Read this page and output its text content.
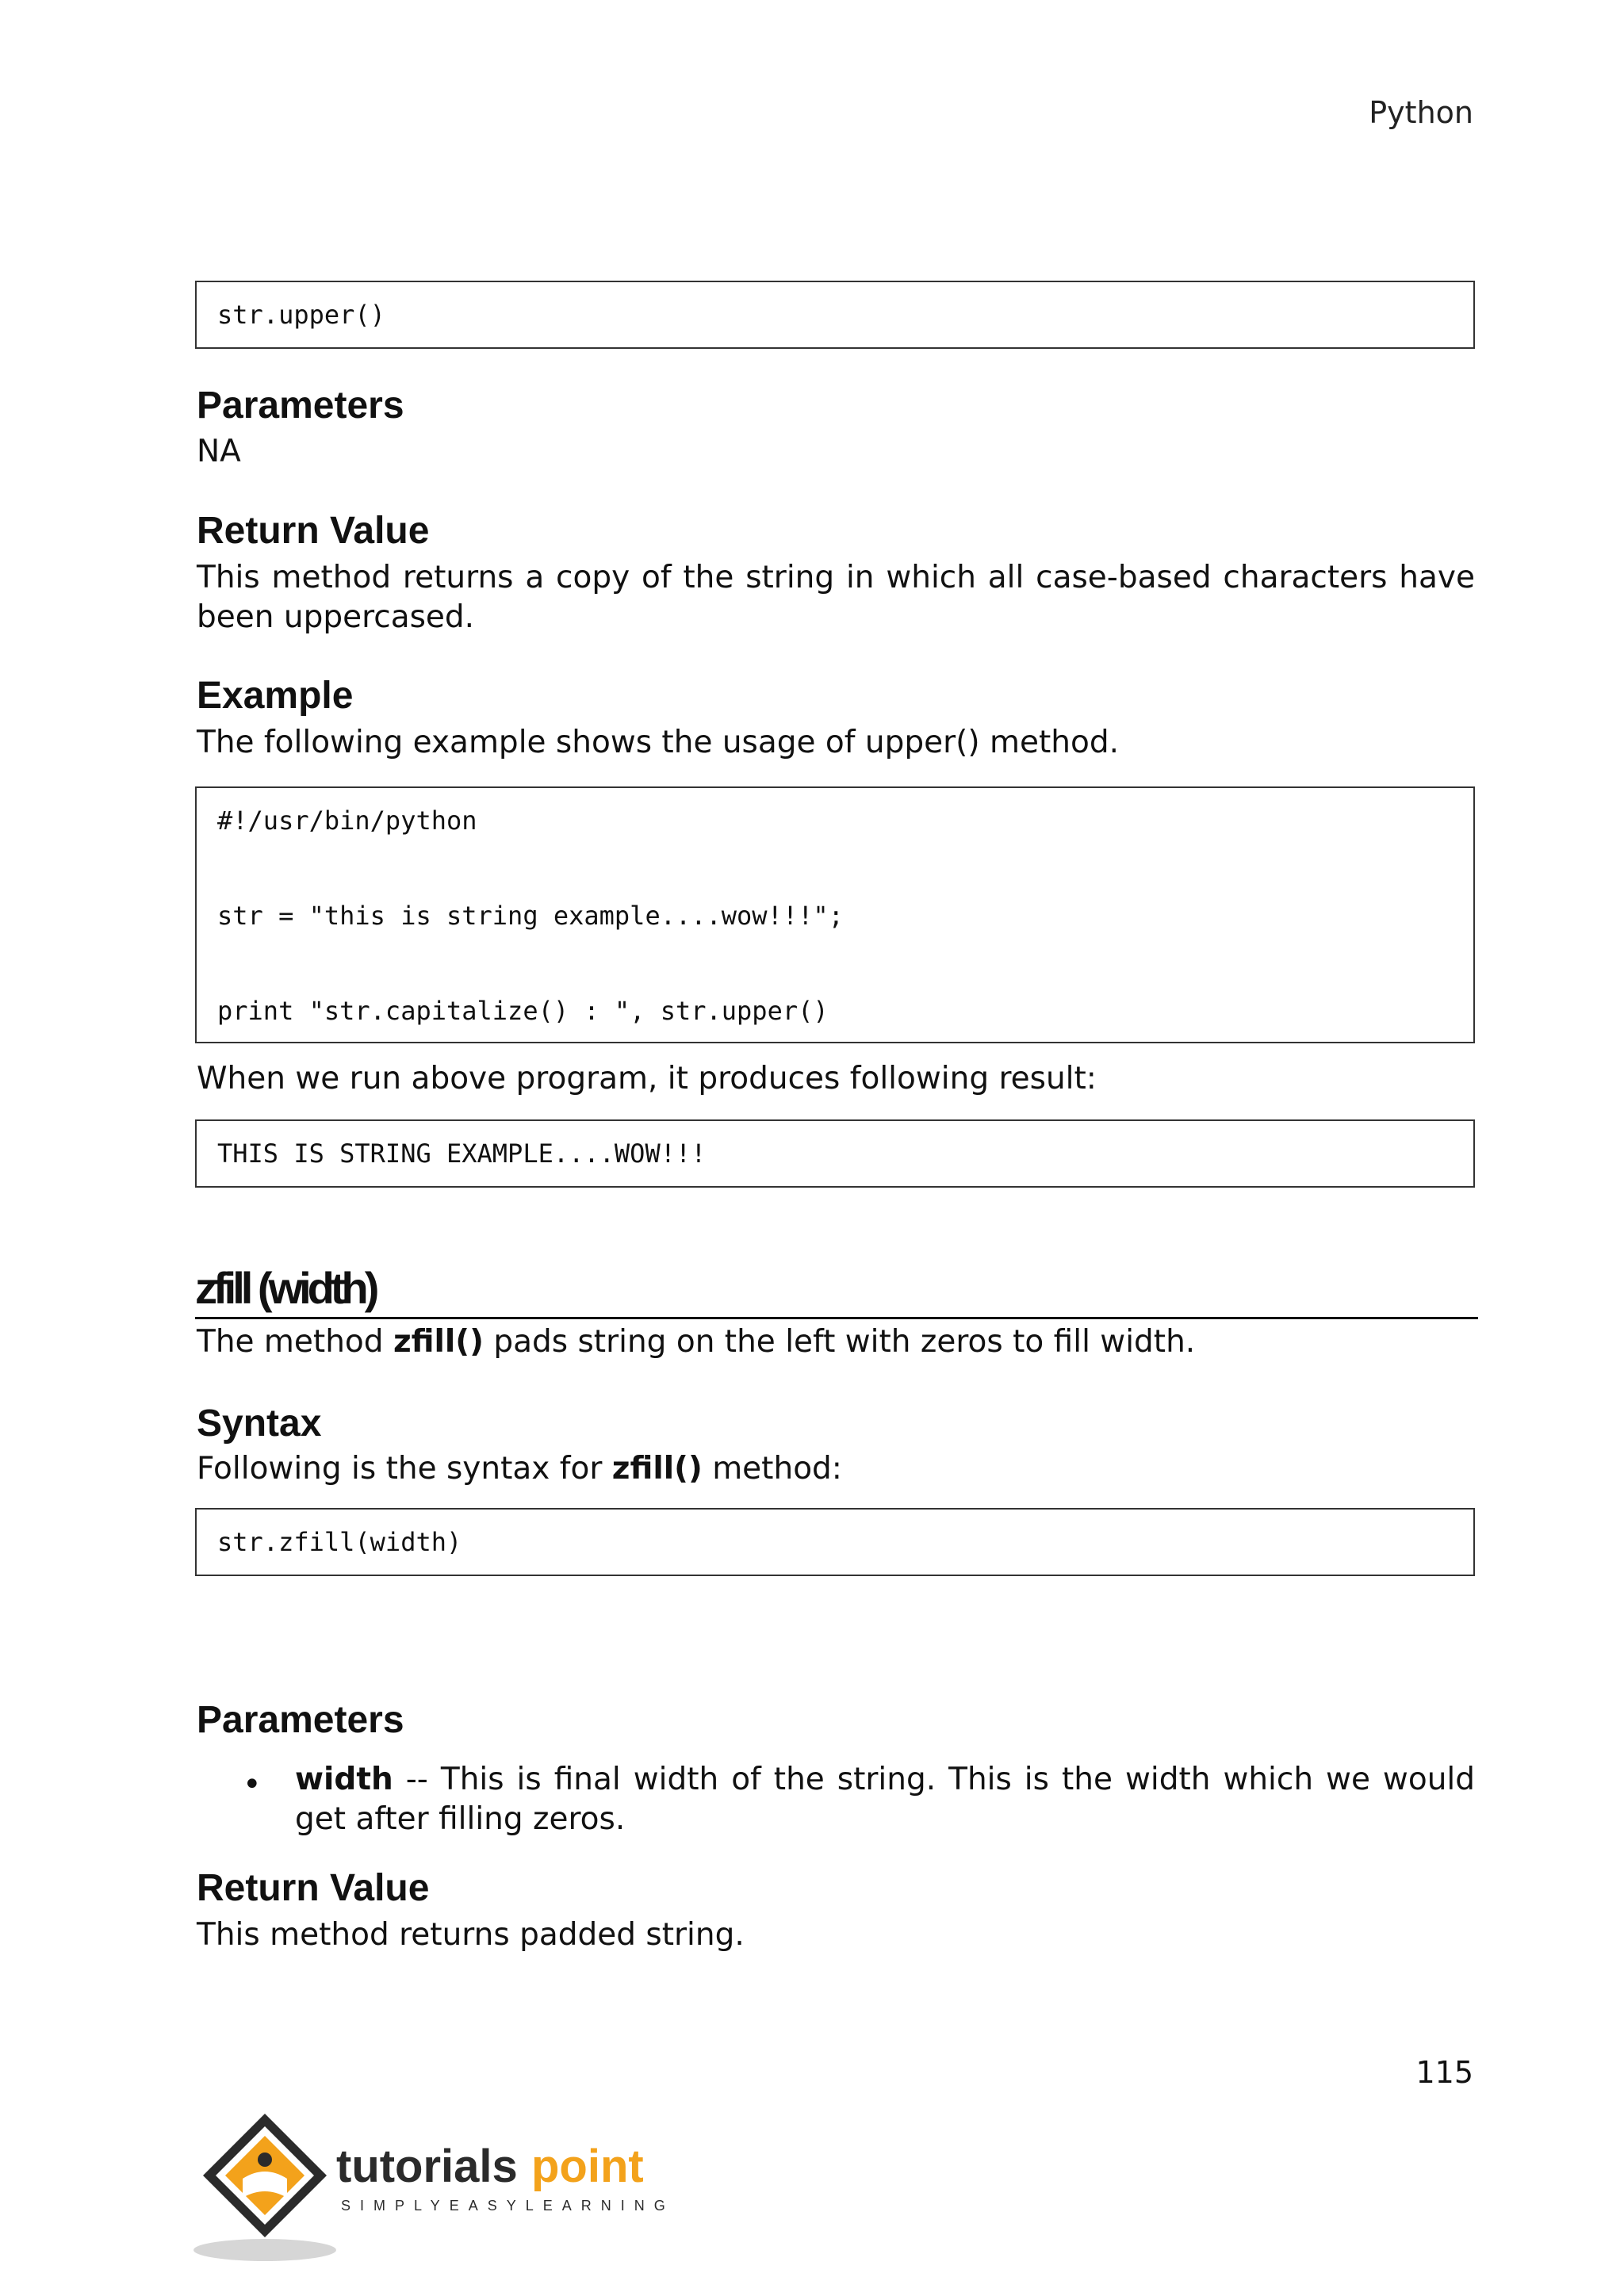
Python
str.upper()
Parameters

NA

Return Value

This method returns a copy of the string in which all case-based characters have been uppercased.

Example

The following example shows the usage of upper() method.

#!/usr/bin/python
str = "this is string example....wow!!!";
print "str.capitalize() : ", str.upper()

When we run above program, it produces following result:

THIS IS STRING EXAMPLE....WOW!!!
zfill (width)

The method zfill() pads string on the left with zeros to fill width.

Syntax

Following is the syntax for zfill() method:

str.zfill(width)
Parameters
• width -- This is final width of the string. This is the width which we would get after filling zeros.
Return Value

This method returns padded string.

115
tutorials point
SIMPLYEASYLEARNING
